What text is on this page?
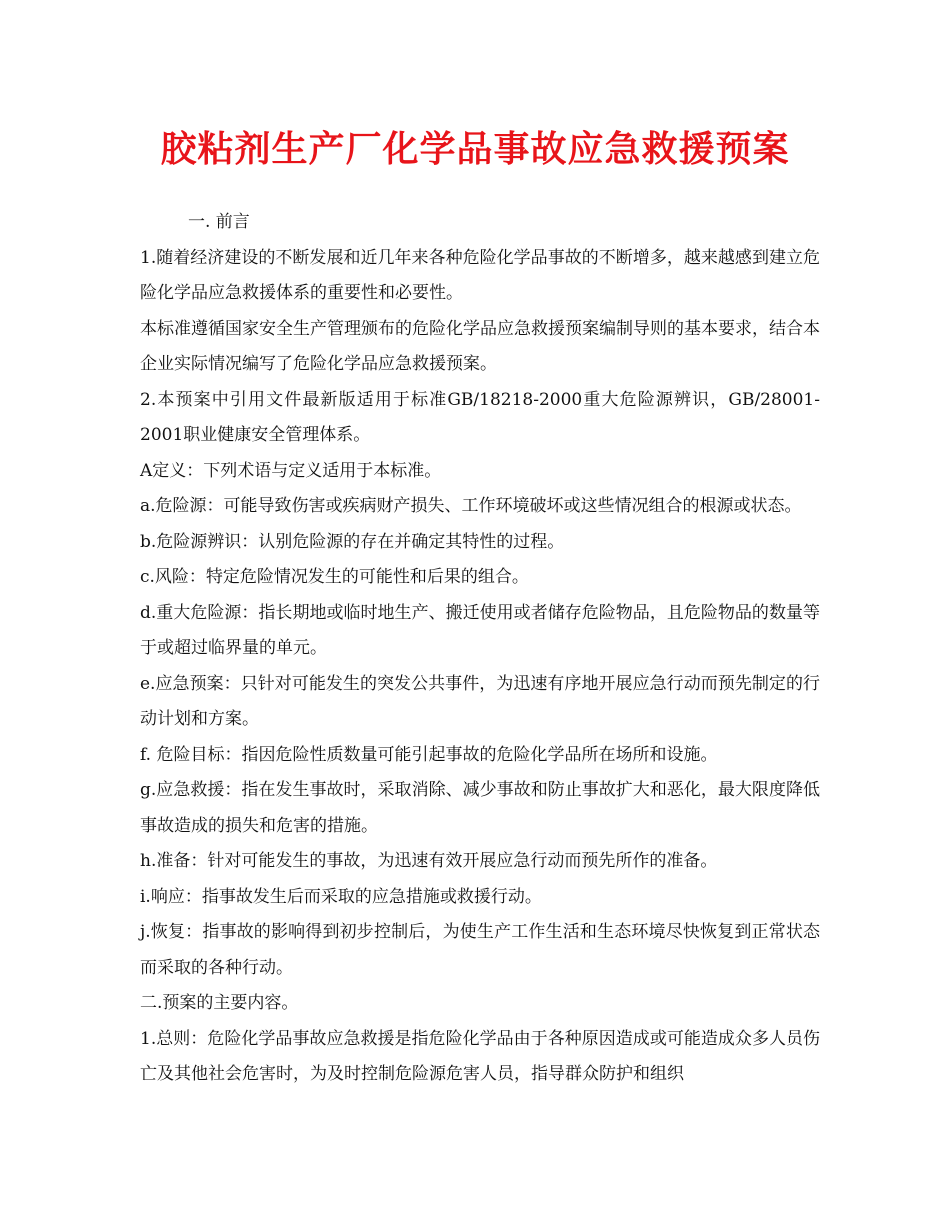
胶粘剂生产厂化学品事故应急救援预案

一. 前言

1.随着经济建设的不断发展和近几年来各种危险化学品事故的不断增多，越来越感到建立危险化学品应急救援体系的重要性和必要性。

本标准遵循国家安全生产管理颁布的危险化学品应急救援预案编制导则的基本要求，结合本企业实际情况编写了危险化学品应急救援预案。

2.本预案中引用文件最新版适用于标准GB/18218-2000重大危险源辨识，GB/28001-2001职业健康安全管理体系。

A定义：下列术语与定义适用于本标准。

a.危险源：可能导致伤害或疾病财产损失、工作环境破坏或这些情况组合的根源或状态。

b.危险源辨识：认别危险源的存在并确定其特性的过程。

c.风险：特定危险情况发生的可能性和后果的组合。

d.重大危险源：指长期地或临时地生产、搬迁使用或者储存危险物品，且危险物品的数量等于或超过临界量的单元。

e.应急预案：只针对可能发生的突发公共事件，为迅速有序地开展应急行动而预先制定的行动计划和方案。

f. 危险目标：指因危险性质数量可能引起事故的危险化学品所在场所和设施。

g.应急救援：指在发生事故时，采取消除、减少事故和防止事故扩大和恶化，最大限度降低事故造成的损失和危害的措施。

h.准备：针对可能发生的事故，为迅速有效开展应急行动而预先所作的准备。

i.响应：指事故发生后而采取的应急措施或救援行动。

j.恢复：指事故的影响得到初步控制后，为使生产工作生活和生态环境尽快恢复到正常状态而采取的各种行动。

二.预案的主要内容。

1.总则：危险化学品事故应急救援是指危险化学品由于各种原因造成或可能造成众多人员伤亡及其他社会危害时，为及时控制危险源危害人员，指导群众防护和组织
